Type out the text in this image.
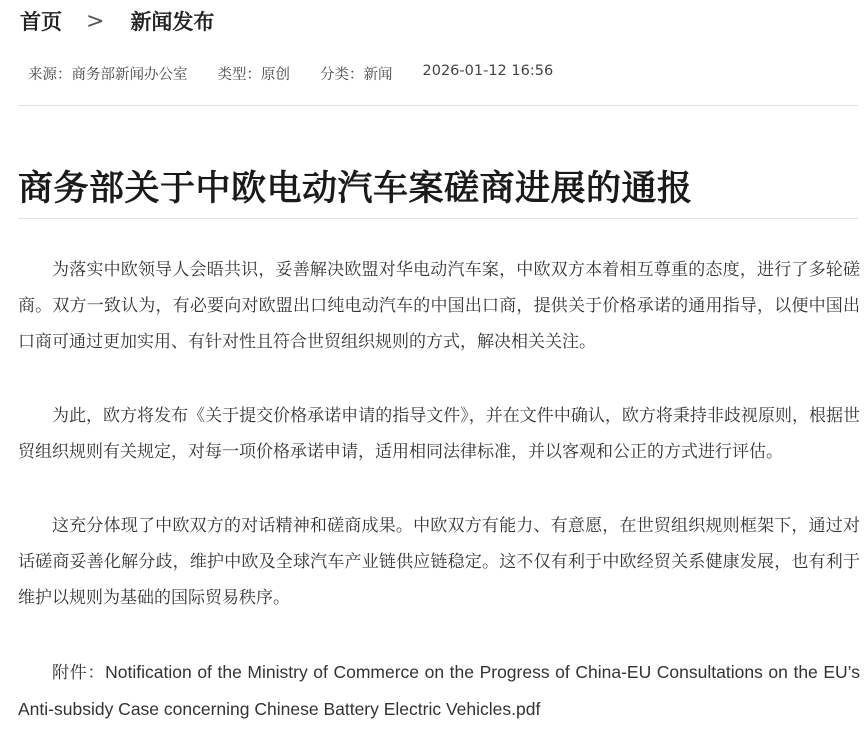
首页 > 新闻发布
来源：商务部新闻办公室 类型：原创 分类：新闻 2026-01-12 16:56
商务部关于中欧电动汽车案磋商进展的通报

为落实中欧领导人会晤共识，妥善解决欧盟对华电动汽车案，中欧双方本着相互尊重的态度，进行了多轮磋商。双方一致认为，有必要向对欧盟出口纯电动汽车的中国出口商，提供关于价格承诺的通用指导，以便中国出口商可通过更加实用、有针对性且符合世贸组织规则的方式，解决相关关注。

为此，欧方将发布《关于提交价格承诺申请的指导文件》，并在文件中确认，欧方将秉持非歧视原则，根据世贸组织规则有关规定，对每一项价格承诺申请，适用相同法律标准，并以客观和公正的方式进行评估。

这充分体现了中欧双方的对话精神和磋商成果。中欧双方有能力、有意愿，在世贸组织规则框架下，通过对话磋商妥善化解分歧，维护中欧及全球汽车产业链供应链稳定。这不仅有利于中欧经贸关系健康发展，也有利于维护以规则为基础的国际贸易秩序。

附件：Notification of the Ministry of Commerce on the Progress of China-EU Consultations on the EU’s Anti-subsidy Case concerning Chinese Battery Electric Vehicles.pdf
